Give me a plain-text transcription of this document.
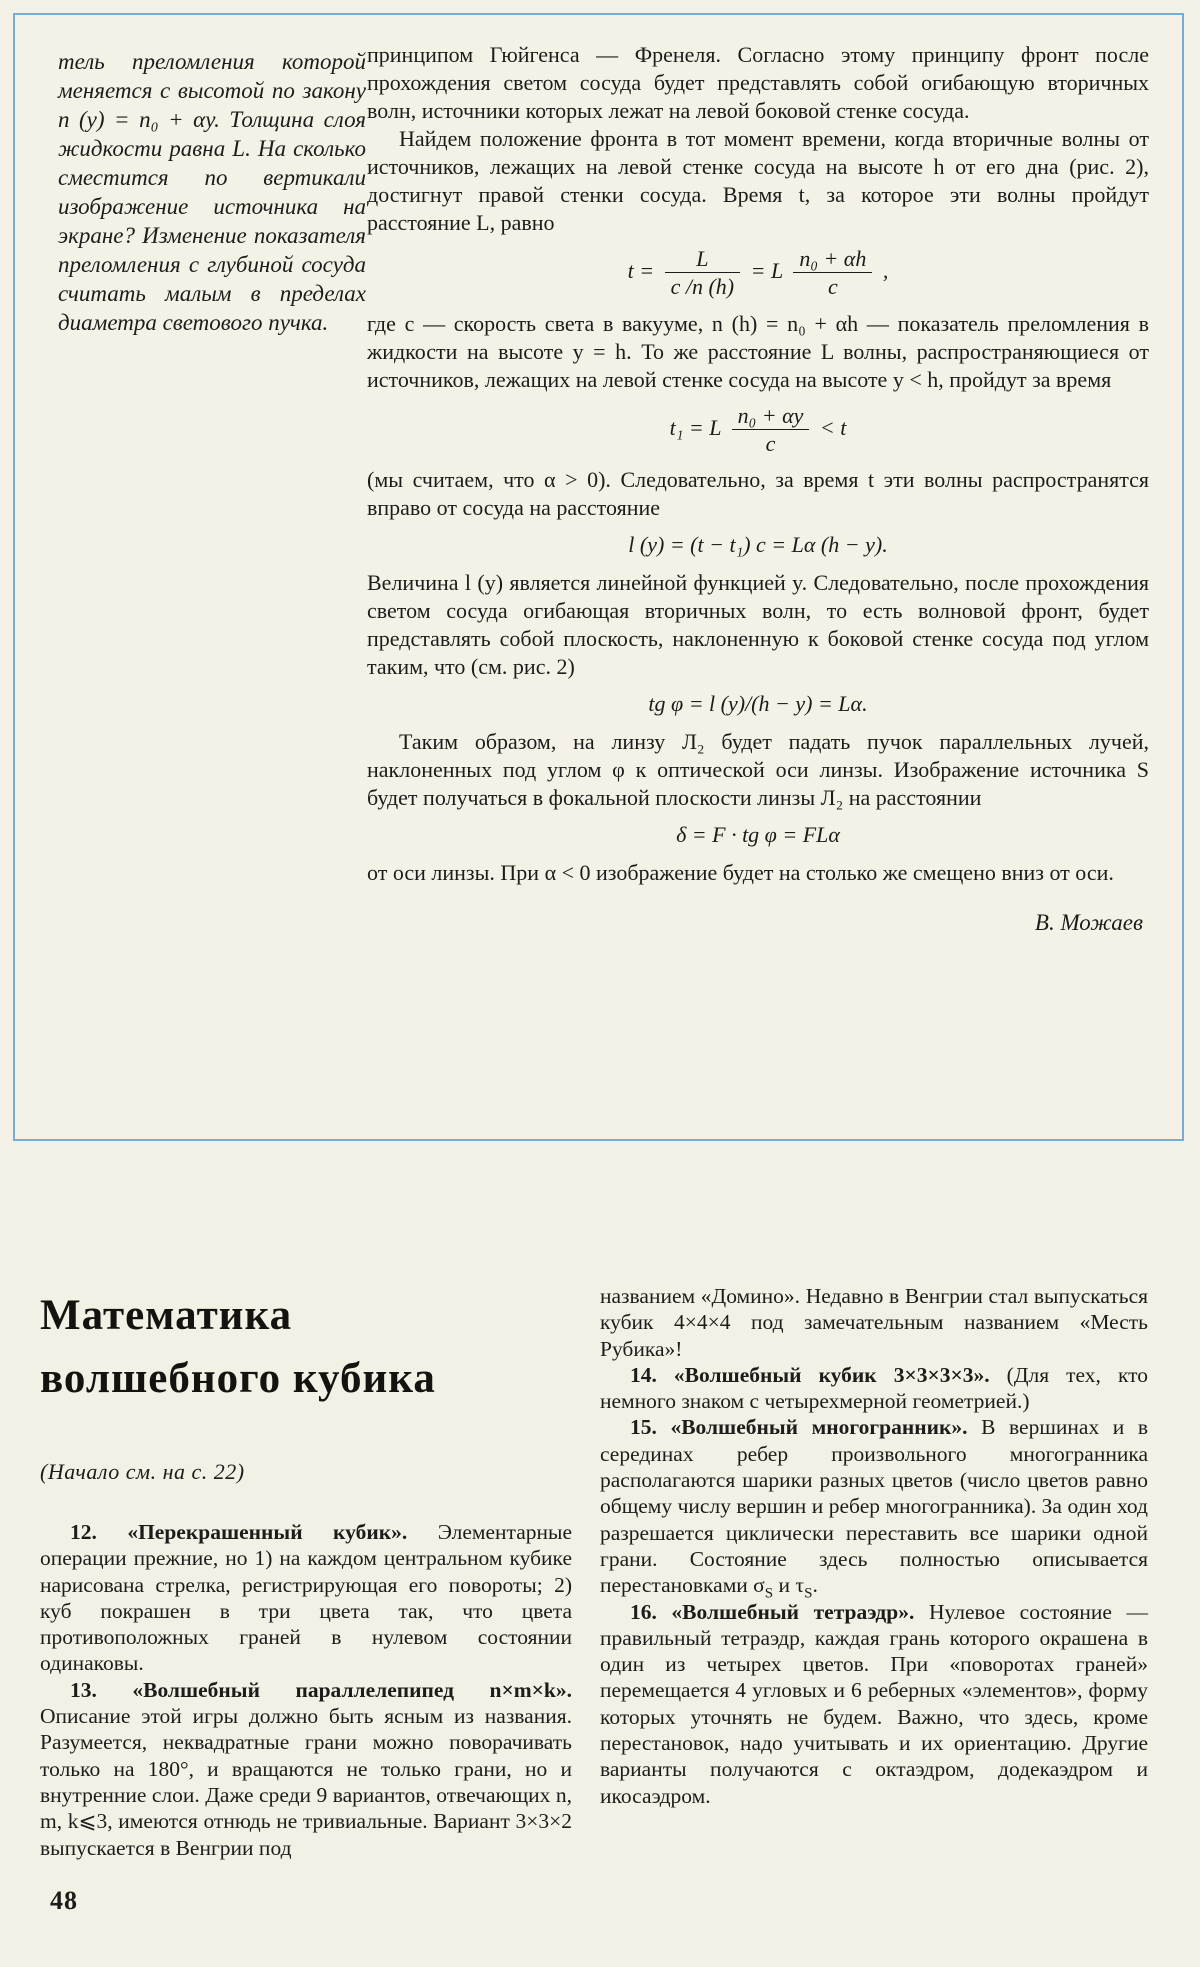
тель преломления которой меняется с высотой по закону n (y) = n₀ + αy. Толщина слоя жидкости равна L. На сколько сместится по вертикали изображение источника на экране? Изменение показателя преломления с глубиной сосуда считать малым в пределах диаметра светового пучка.

принципом Гюйгенса — Френеля. Согласно этому принципу фронт после прохождения светом сосуда будет представлять собой огибающую вторичных волн, источники которых лежат на левой боковой стенке сосуда.

Найдем положение фронта в тот момент времени, когда вторичные волны от источников, лежащих на левой стенке сосуда на высоте h от его дна (рис. 2), достигнут правой стенки сосуда. Время t, за которое эти волны пройдут расстояние L, равно

$t = \frac{L}{c /n (h)} = L \frac{\text{n₀ + αh}}{c}$ ,

где c — скорость света в вакууме, n (h) = n₀ + αh — показатель преломления в жидкости на высоте y = h. То же расстояние L волны, распространяющиеся от источников, лежащих на левой стенке сосуда на высоте y < h, пройдут за время

t₁ = L $\frac{\text{n₀ + αy}}{c} < t$

(мы считаем, что α > 0). Следовательно, за время t эти волны распространятся вправо от сосуда на расстояние

l (y) = (t − t₁) c = Lα (h − y).

Величина l (y) является линейной функцией y. Следовательно, после прохождения светом сосуда огибающая вторичных волн, то есть волновой фронт, будет представлять собой плоскость, наклоненную к боковой стенке сосуда под углом таким, что (см. рис. 2)

tg φ = l (y)/(h − y) = Lα.

Таким образом, на линзу Л₂ будет падать пучок параллельных лучей, наклоненных под углом φ к оптической оси линзы. Изображение источника S будет получаться в фокальной плоскости линзы Л₂ на расстоянии

δ = F · tg φ = FLα

от оси линзы. При α < 0 изображение будет на столько же смещено вниз от оси.

В. Можаев

Математика
волшебного кубика

(Начало см. на с. 22)

12. «Перекрашенный кубик». Элементарные операции прежние, но 1) на каждом центральном кубике нарисована стрелка, регистрирующая его повороты; 2) куб покрашен в три цвета так, что цвета противоположных граней в нулевом состоянии одинаковы.

13. «Волшебный параллелепипед n×m×k». Описание этой игры должно быть ясным из названия. Разумеется, неквадратные грани можно поворачивать только на 180°, и вращаются не только грани, но и внутренние слои. Даже среди 9 вариантов, отвечающих n, m, k⩽3, имеются отнюдь не тривиальные. Вариант 3×3×2 выпускается в Венгрии под

названием «Домино». Недавно в Венгрии стал выпускаться кубик 4×4×4 под замечательным названием «Месть Рубика»!

14. «Волшебный кубик 3×3×3×3». (Для тех, кто немного знаком с четырехмерной геометрией.)

15. «Волшебный многогранник». В вершинах и в серединах ребер произвольного многогранника располагаются шарики разных цветов (число цветов равно общему числу вершин и ребер многогранника). За один ход разрешается циклически переставить все шарики одной грани. Состояние здесь полностью описывается перестановками $\sigma_S$ и $\tau_S$.

16. «Волшебный тетраэдр». Нулевое состояние — правильный тетраэдр, каждая грань которого окрашена в один из четырех цветов. При «поворотах граней» перемещается 4 угловых и 6 реберных «элементов», форму которых уточнять не будем. Важно, что здесь, кроме перестановок, надо учитывать и их ориентацию. Другие варианты получаются с октаэдром, додекаэдром и икосаэдром.

48
